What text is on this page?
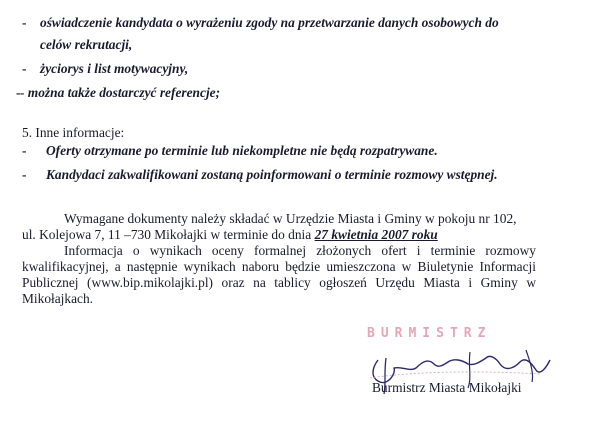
- oświadczenie kandydata o wyrażeniu zgody na przetwarzanie danych osobowych do
celów rekrutacji,
- życiorys i list motywacyjny,
- - można także dostarczyć referencje;
5. Inne informacje:
- Oferty otrzymane po terminie lub niekompletne nie będą rozpatrywane.
- Kandydaci zakwalifikowani zostaną poinformowani o terminie rozmowy wstępnej.
Wymagane dokumenty należy składać w Urzędzie Miasta i Gminy w pokoju nr 102,
ul. Kolejowa 7, 11 –730 Mikołajki w terminie do dnia 27 kwietnia 2007 roku
Informacja o wynikach oceny formalnej złożonych ofert i terminie rozmowy
kwalifikacyjnej, a następnie wynikach naboru będzie umieszczona w Biuletynie Informacji
Publicznej (www.bip.mikolajki.pl) oraz na tablicy ogłoszeń Urzędu Miasta i Gminy w
Mikołajkach.
BURMISTRZ
Burmistrz Miasta Mikołajki
